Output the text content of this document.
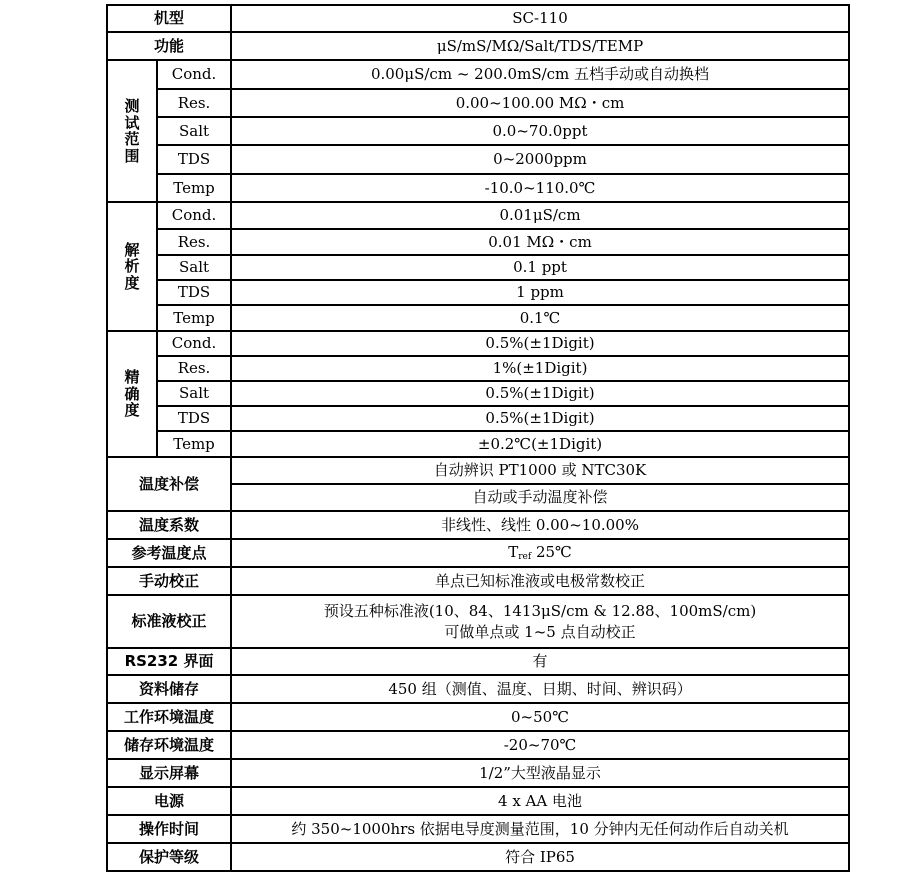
机型		SC-110
功能		μS/mS/MΩ/Salt/TDS/TEMP

测
试
范
围	Cond.	0.00μS/cm ~ 200.0mS/cm 五档手动或自动换档
	Res.	0.00~100.00 MΩ・cm
	Salt	0.0~70.0ppt
	TDS	0~2000ppm
	Temp	-10.0~110.0℃

解
析
度	Cond.	0.01μS/cm
	Res.	0.01 MΩ・cm
	Salt	0.1 ppt
	TDS	1 ppm
	Temp	0.1℃

精
确
度	Cond.	0.5%(±1Digit)
	Res.	1%(±1Digit)
	Salt	0.5%(±1Digit)
	TDS	0.5%(±1Digit)
	Temp	±0.2℃(±1Digit)
温度补偿		自动辨识 PT1000 或 NTC30K
		自动或手动温度补偿
温度系数		非线性、线性 0.00~10.00%
参考温度点		$T_{ref}$ 25℃
手动校正		单点已知标准液或电极常数校正
标准液校正		预设五种标准液(10、84、1413μS/cm & 12.88、100mS/cm)
可做单点或 1~5 点自动校正

RS232 界面		有
资料储存		450 组（测值、温度、日期、时间、辨识码）
工作环境温度		0~50℃
储存环境温度		-20~70℃
显示屏幕		1/2”大型液晶显示
电源		4 x AA 电池
操作时间		约 350~1000hrs 依据电导度测量范围，10 分钟内无任何动作后自动关机
保护等级		符合 IP65
